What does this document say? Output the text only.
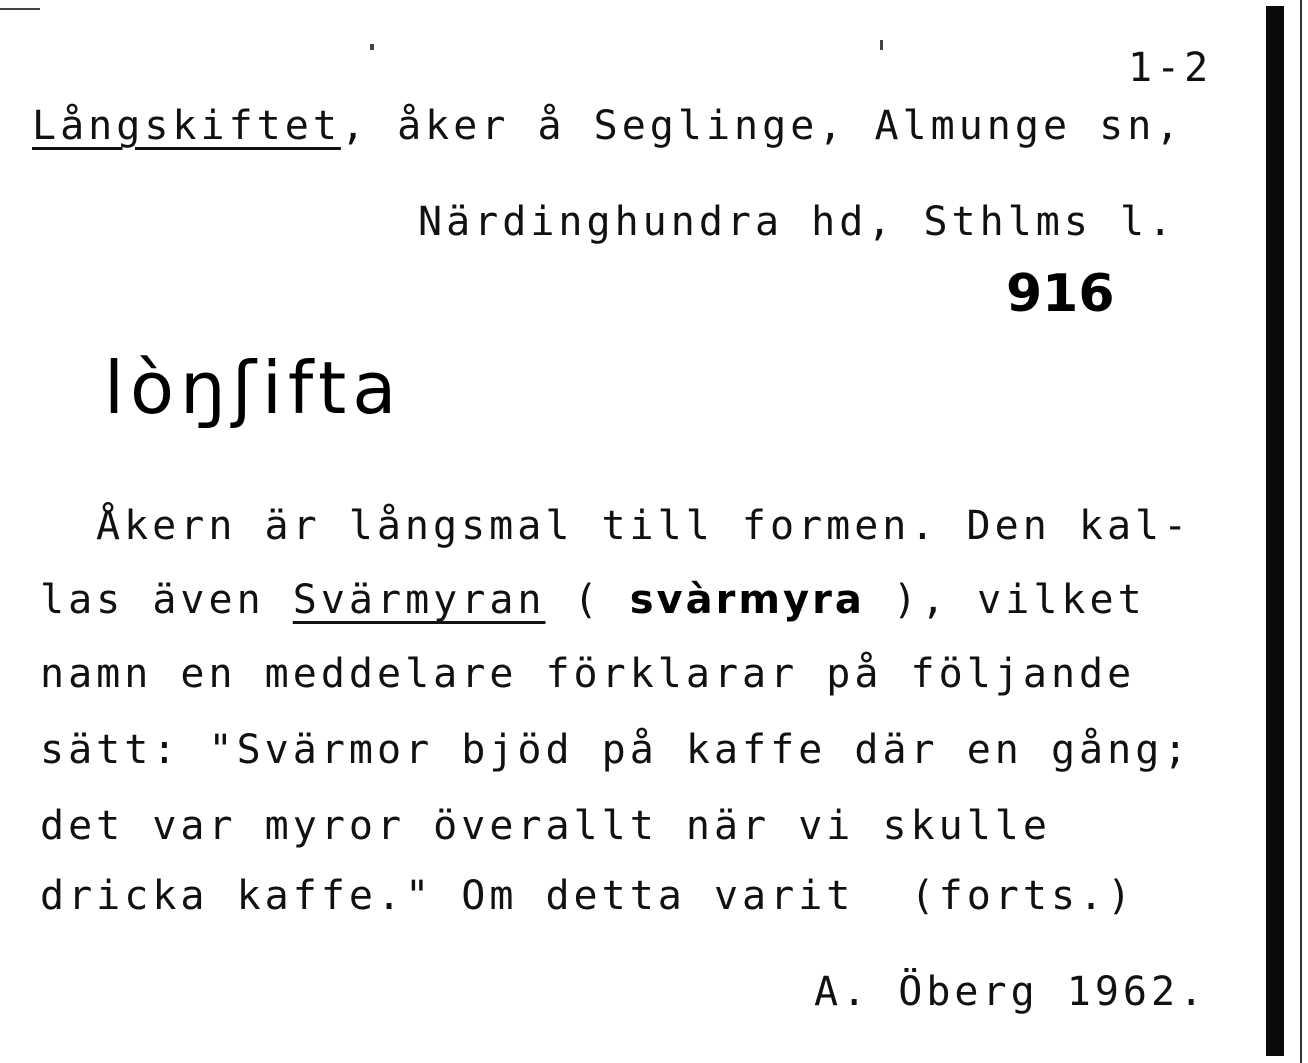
1-2
Långskiftet, åker å Seglinge, Almunge sn,
Närdinghundra hd, Sthlms l.
916
lòŋʃifta
Åkern är långsmal till formen. Den kal-
las även Svärmyran ( svàrmyra ), vilket
namn en meddelare förklarar på följande
sätt: "Svärmor bjöd på kaffe där en gång;
det var myror överallt när vi skulle
dricka kaffe." Om detta varit  (forts.)
A. Öberg 1962.
